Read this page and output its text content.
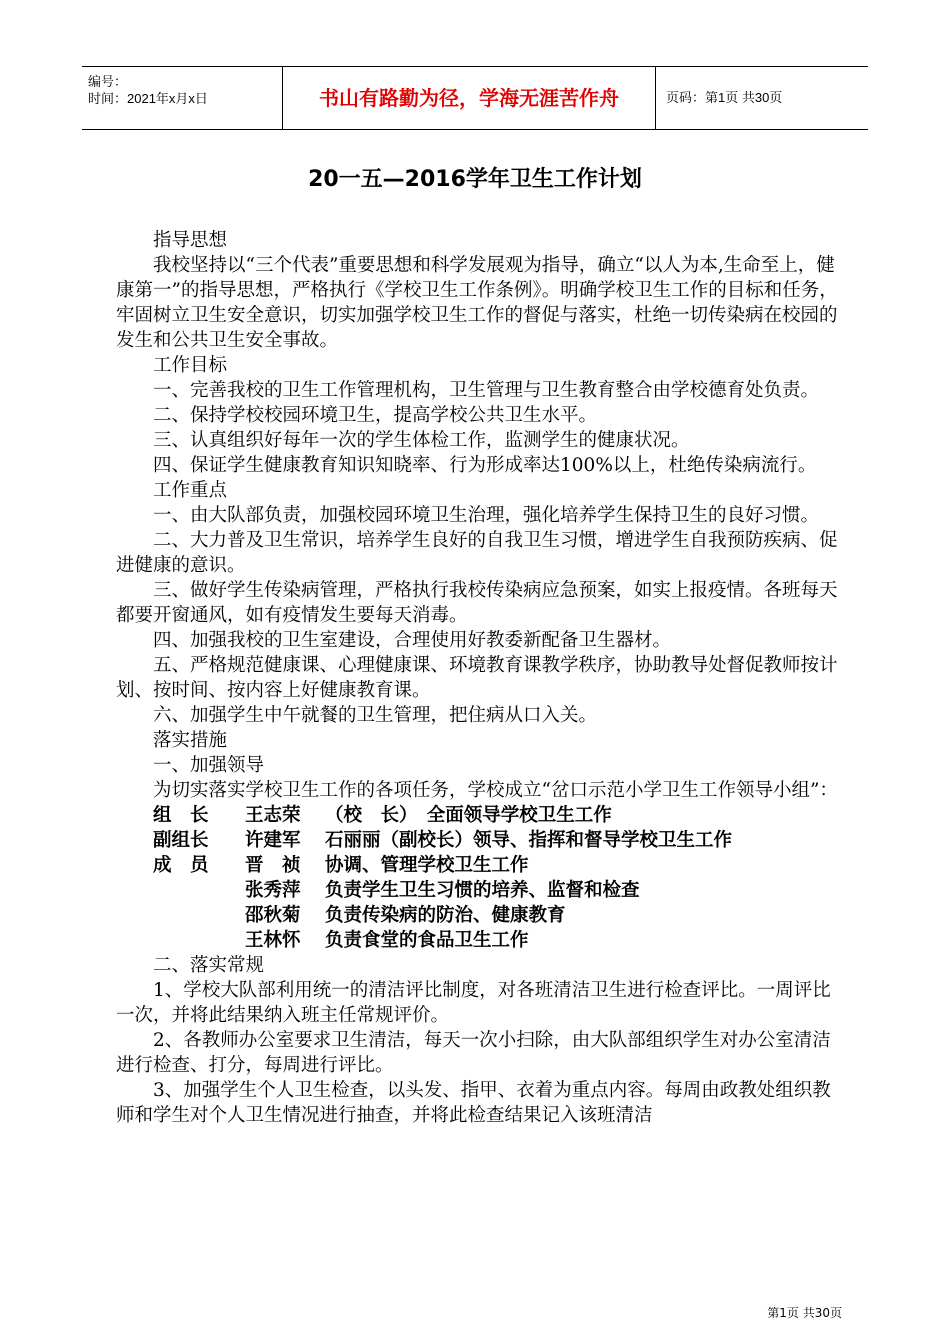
编号：
时间：2021年x月x日	书山有路勤为径，学海无涯苦作舟	页码：第1页 共30页
20一五—2016学年卫生工作计划

指导思想

我校坚持以“三个代表”重要思想和科学发展观为指导，确立“以人为本,生命至上，健康第一”的指导思想，严格执行《学校卫生工作条例》。明确学校卫生工作的目标和任务，牢固树立卫生安全意识，切实加强学校卫生工作的督促与落实，杜绝一切传染病在校园的发生和公共卫生安全事故。

工作目标

一、完善我校的卫生工作管理机构，卫生管理与卫生教育整合由学校德育处负责。

二、保持学校校园环境卫生，提高学校公共卫生水平。

三、认真组织好每年一次的学生体检工作，监测学生的健康状况。

四、保证学生健康教育知识知晓率、行为形成率达100%以上，杜绝传染病流行。

工作重点

一、由大队部负责，加强校园环境卫生治理，强化培养学生保持卫生的良好习惯。

二、大力普及卫生常识，培养学生良好的自我卫生习惯，增进学生自我预防疾病、促进健康的意识。

三、做好学生传染病管理，严格执行我校传染病应急预案，如实上报疫情。各班每天都要开窗通风，如有疫情发生要每天消毒。

四、加强我校的卫生室建设，合理使用好教委新配备卫生器材。

五、严格规范健康课、心理健康课、环境教育课教学秩序，协助教导处督促教师按计划、按时间、按内容上好健康教育课。

六、加强学生中午就餐的卫生管理，把住病从口入关。

落实措施

一、加强领导

为切实落实学校卫生工作的各项任务，学校成立“岔口示范小学卫生工作领导小组”：

组　长 王志荣 （校　长）　全面领导学校卫生工作
副组长 许建军 石丽丽（副校长）领导、指挥和督导学校卫生工作
成　员 晋　祯 协调、管理学校卫生工作
张秀萍 负责学生卫生习惯的培养、监督和检查
邵秋菊 负责传染病的防治、健康教育
王林怀 负责食堂的食品卫生工作

二、落实常规

1、学校大队部利用统一的清洁评比制度，对各班清洁卫生进行检查评比。一周评比一次，并将此结果纳入班主任常规评价。

2、各教师办公室要求卫生清洁，每天一次小扫除，由大队部组织学生对办公室清洁进行检查、打分，每周进行评比。

3、加强学生个人卫生检查，以头发、指甲、衣着为重点内容。每周由政教处组织教师和学生对个人卫生情况进行抽查，并将此检查结果记入该班清洁

第1页 共30页
